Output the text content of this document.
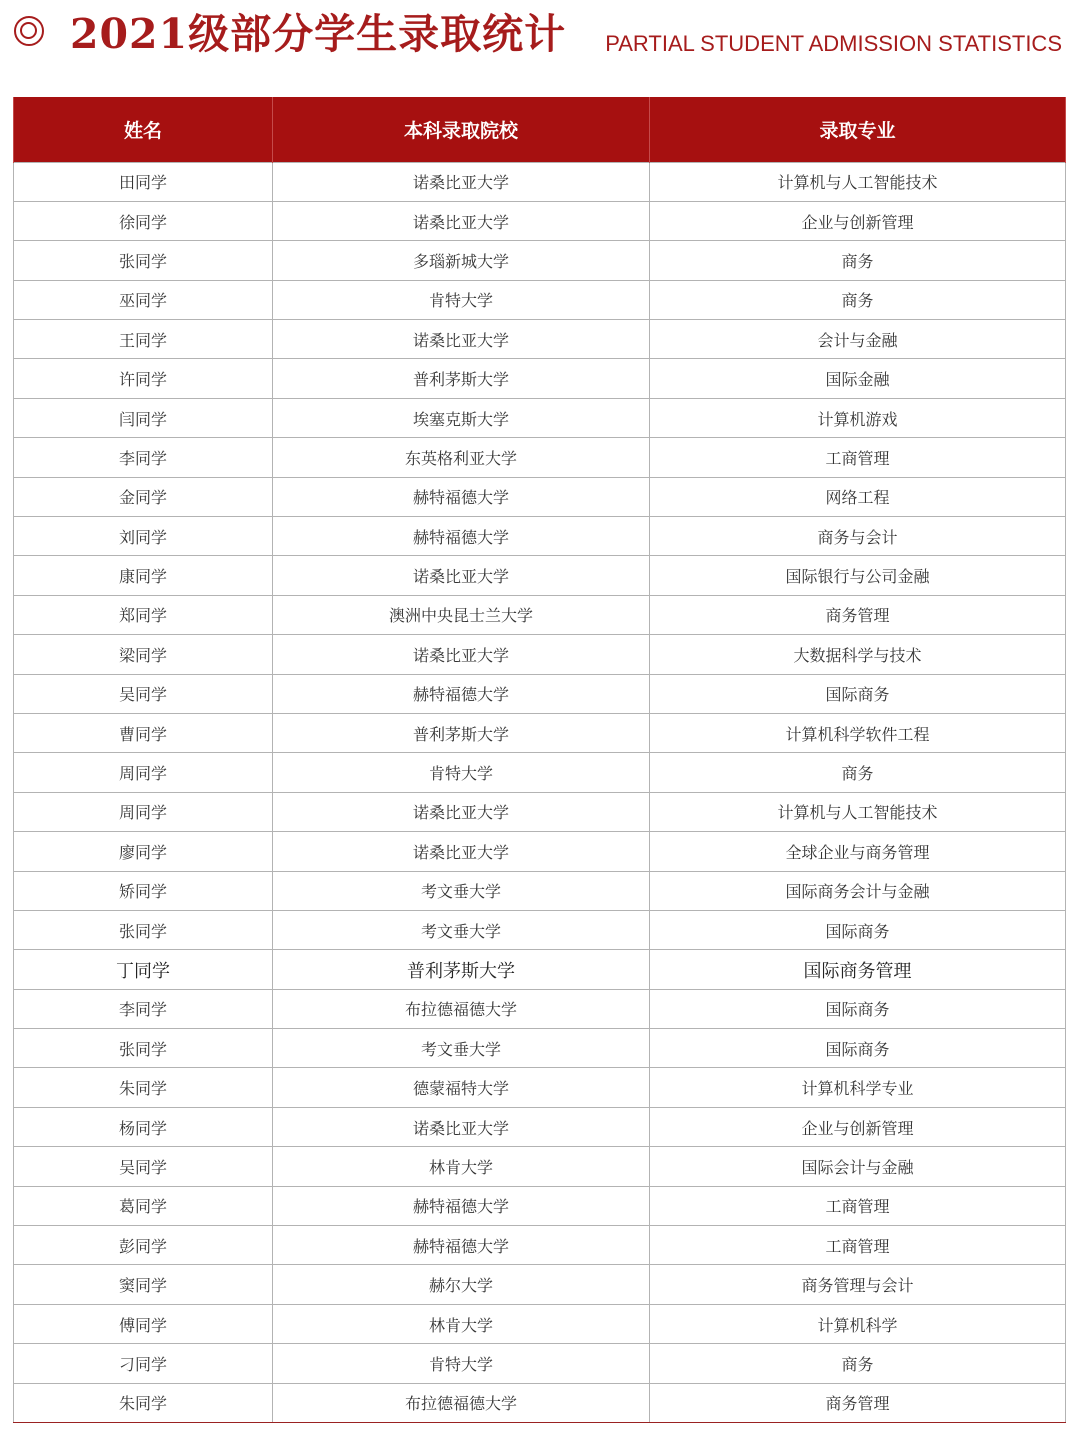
2021级部分学生录取统计 PARTIAL STUDENT ADMISSION STATISTICS
姓名	本科录取院校	录取专业
田同学	诺桑比亚大学	计算机与人工智能技术
徐同学	诺桑比亚大学	企业与创新管理
张同学	多瑙新城大学	商务
巫同学	肯特大学	商务
王同学	诺桑比亚大学	会计与金融
许同学	普利茅斯大学	国际金融
闫同学	埃塞克斯大学	计算机游戏
李同学	东英格利亚大学	工商管理
金同学	赫特福德大学	网络工程
刘同学	赫特福德大学	商务与会计
康同学	诺桑比亚大学	国际银行与公司金融
郑同学	澳洲中央昆士兰大学	商务管理
梁同学	诺桑比亚大学	大数据科学与技术
吴同学	赫特福德大学	国际商务
曹同学	普利茅斯大学	计算机科学软件工程
周同学	肯特大学	商务
周同学	诺桑比亚大学	计算机与人工智能技术
廖同学	诺桑比亚大学	全球企业与商务管理
矫同学	考文垂大学	国际商务会计与金融
张同学	考文垂大学	国际商务
丁同学	普利茅斯大学	国际商务管理
李同学	布拉德福德大学	国际商务
张同学	考文垂大学	国际商务
朱同学	德蒙福特大学	计算机科学专业
杨同学	诺桑比亚大学	企业与创新管理
吴同学	林肯大学	国际会计与金融
葛同学	赫特福德大学	工商管理
彭同学	赫特福德大学	工商管理
窦同学	赫尔大学	商务管理与会计
傅同学	林肯大学	计算机科学
刁同学	肯特大学	商务
朱同学	布拉德福德大学	商务管理
